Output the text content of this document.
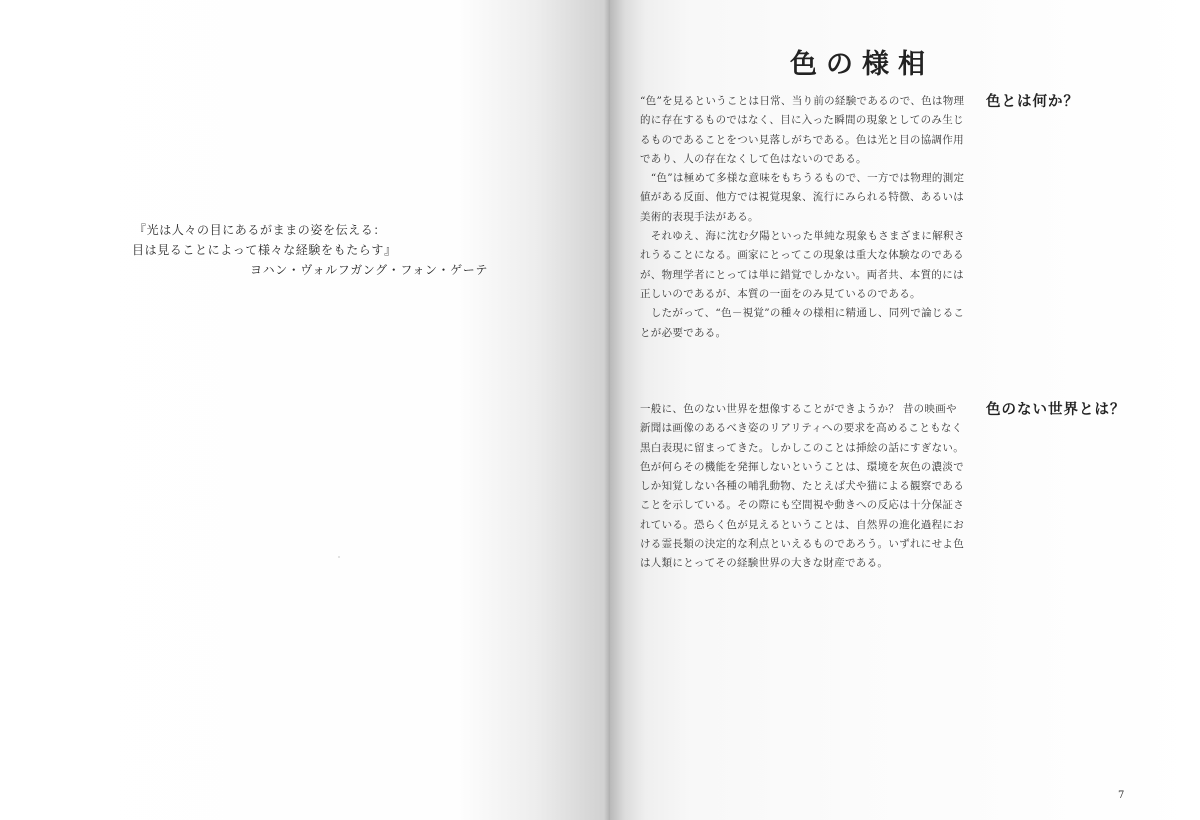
『光は人々の目にあるがままの姿を伝える：
目は見ることによって様々な経験をもたらす』
ヨハン・ヴォルフガング・フォン・ゲーテ
色の様相
“色”を見るということは日常、当り前の経験であるので、色は物理
的に存在するものではなく、目に入った瞬間の現象としてのみ生じ
るものであることをつい見落しがちである。色は光と目の協調作用
であり、人の存在なくして色はないのである。
　“色”は極めて多様な意味をもちうるもので、一方では物理的測定
値がある反面、他方では視覚現象、流行にみられる特徴、あるいは
美術的表現手法がある。
　それゆえ、海に沈む夕陽といった単純な現象もさまざまに解釈さ
れうることになる。画家にとってこの現象は重大な体験なのである
が、物理学者にとっては単に錯覚でしかない。両者共、本質的には
正しいのであるが、本質の一面をのみ見ているのである。
　したがって、“色－視覚”の種々の様相に精通し、同列で論じるこ
とが必要である。
色とは何か？
一般に、色のない世界を想像することができようか？ 昔の映画や
新聞は画像のあるべき姿のリアリティへの要求を高めることもなく
黒白表現に留まってきた。しかしこのことは挿絵の話にすぎない。
色が何らその機能を発揮しないということは、環境を灰色の濃淡で
しか知覚しない各種の哺乳動物、たとえば犬や猫による観察である
ことを示している。その際にも空間視や動きへの反応は十分保証さ
れている。恐らく色が見えるということは、自然界の進化過程にお
ける霊長類の決定的な利点といえるものであろう。いずれにせよ色
は人類にとってその経験世界の大きな財産である。
色のない世界とは？
7
